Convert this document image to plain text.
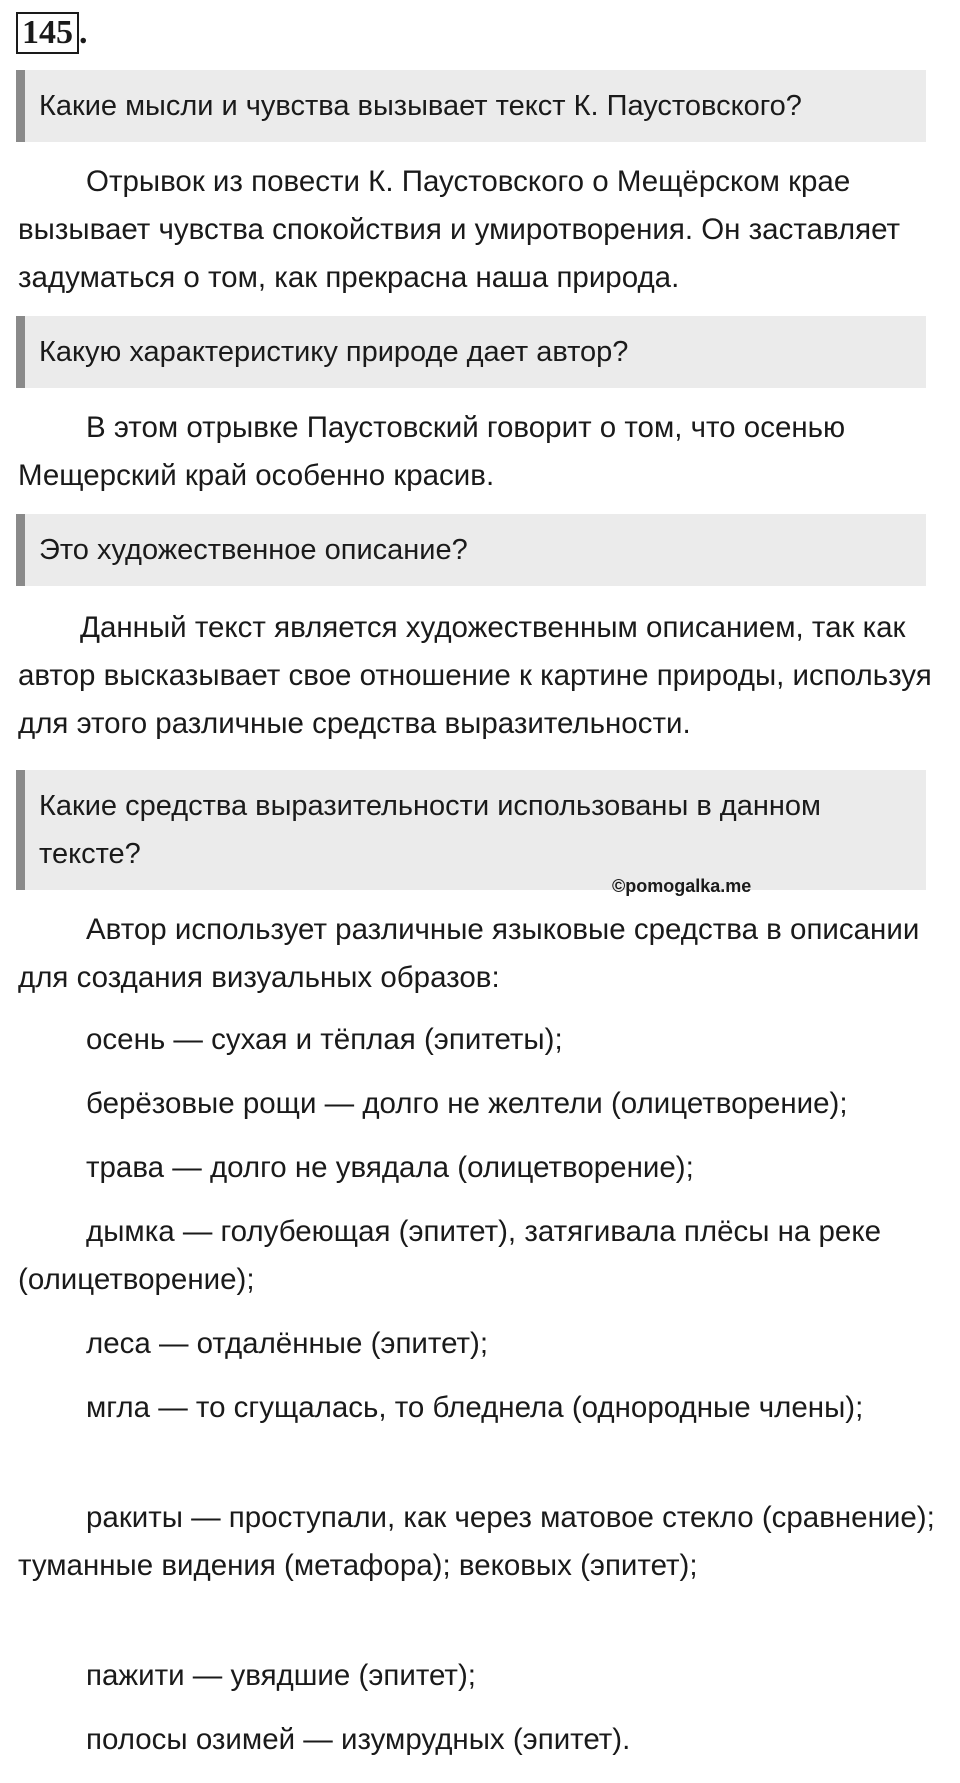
145 .
Какие мысли и чувства вызывает текст К. Паустовского?

Отрывок из повести К. Паустовского о Мещёрском крае вызывает чувства спокойствия и умиротворения. Он заставляет задуматься о том, как прекрасна наша природа.

Какую характеристику природе дает автор?

В этом отрывке Паустовский говорит о том, что осенью Мещерский край особенно красив.

Это художественное описание?

Данный текст является художественным описанием, так как автор высказывает свое отношение к картине природы, используя для этого различные средства выразительности.

Какие средства выразительности использованы в данном тексте?
©pomogalka.me

Автор использует различные языковые средства в описании для создания визуальных образов:

осень — сухая и тёплая (эпитеты);

берёзовые рощи — долго не желтели (олицетворение);

трава — долго не увядала (олицетворение);

дымка — голубеющая (эпитет), затягивала плёсы на реке (олицетворение);

леса — отдалённые (эпитет);

мгла — то сгущалась, то бледнела (однородные члены);

ракиты — проступали, как через матовое стекло (сравнение); туманные видения (метафора); вековых (эпитет);

пажити — увядшие (эпитет);

полосы озимей — изумрудных (эпитет).
